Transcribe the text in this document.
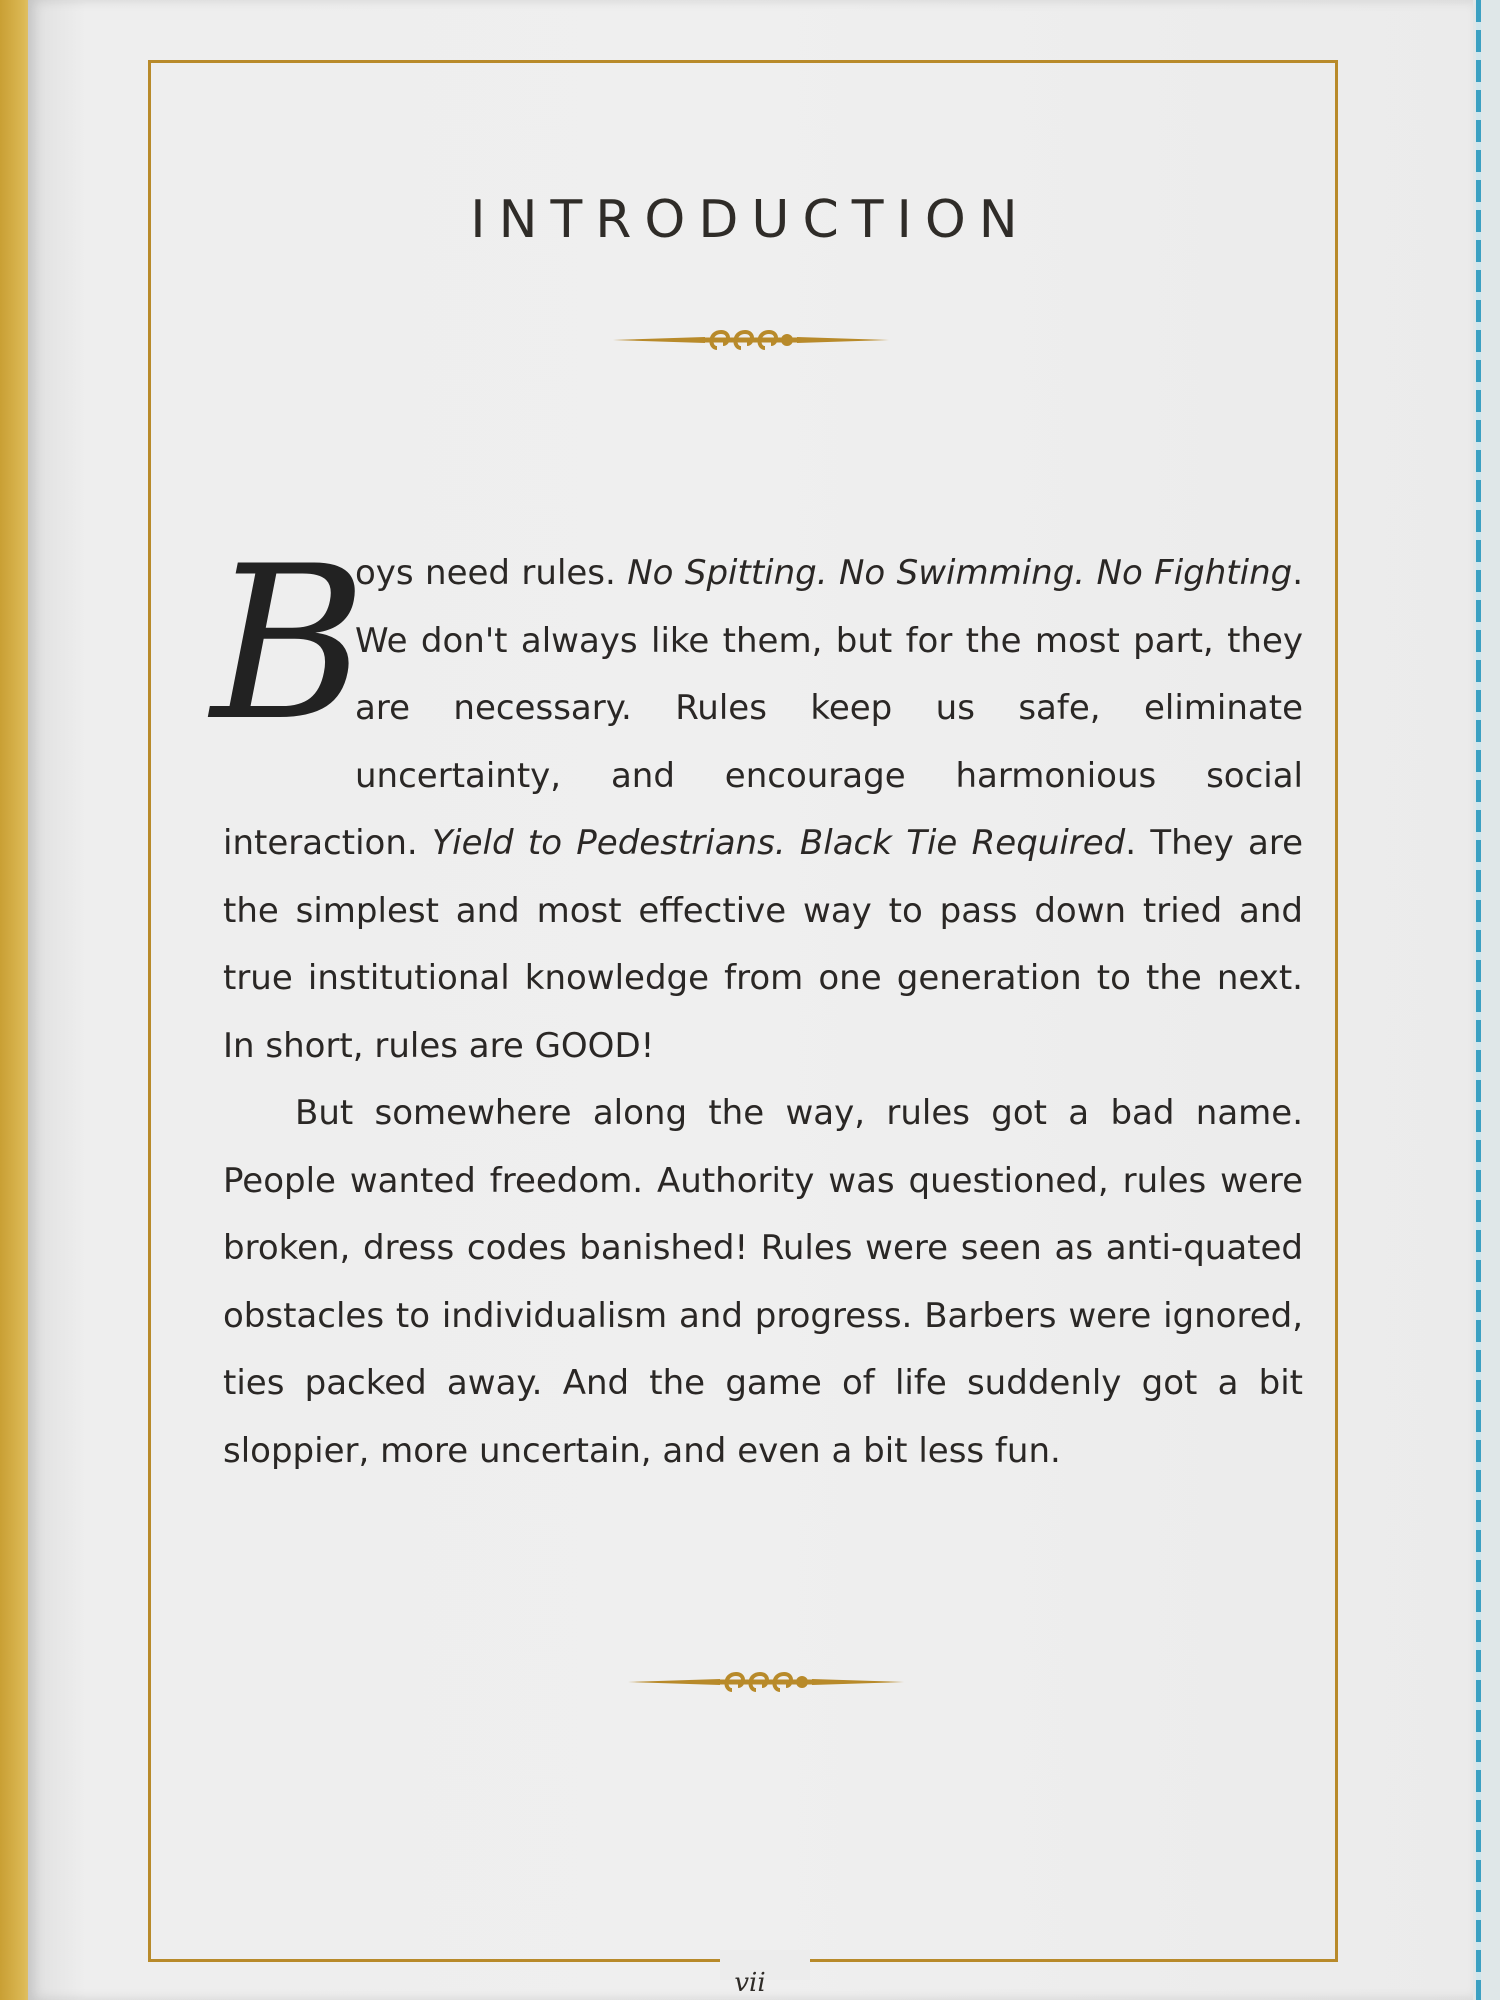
INTRODUCTION

B
oys need rules. No Spitting. No Swimming. No Fighting. We don't always like them, but for the most part, they are necessary. Rules keep us safe, eliminate uncertainty, and encourage harmonious social interaction. Yield to Pedestrians. Black Tie Required. They are the simplest and most effective way to pass down tried and true institutional knowledge from one generation to the next. In short, rules are GOOD!

But somewhere along the way, rules got a bad name. People wanted freedom. Authority was questioned, rules were broken, dress codes banished! Rules were seen as anti-quated obstacles to individualism and progress. Barbers were ignored, ties packed away. And the game of life suddenly got a bit sloppier, more uncertain, and even a bit less fun.

vii
